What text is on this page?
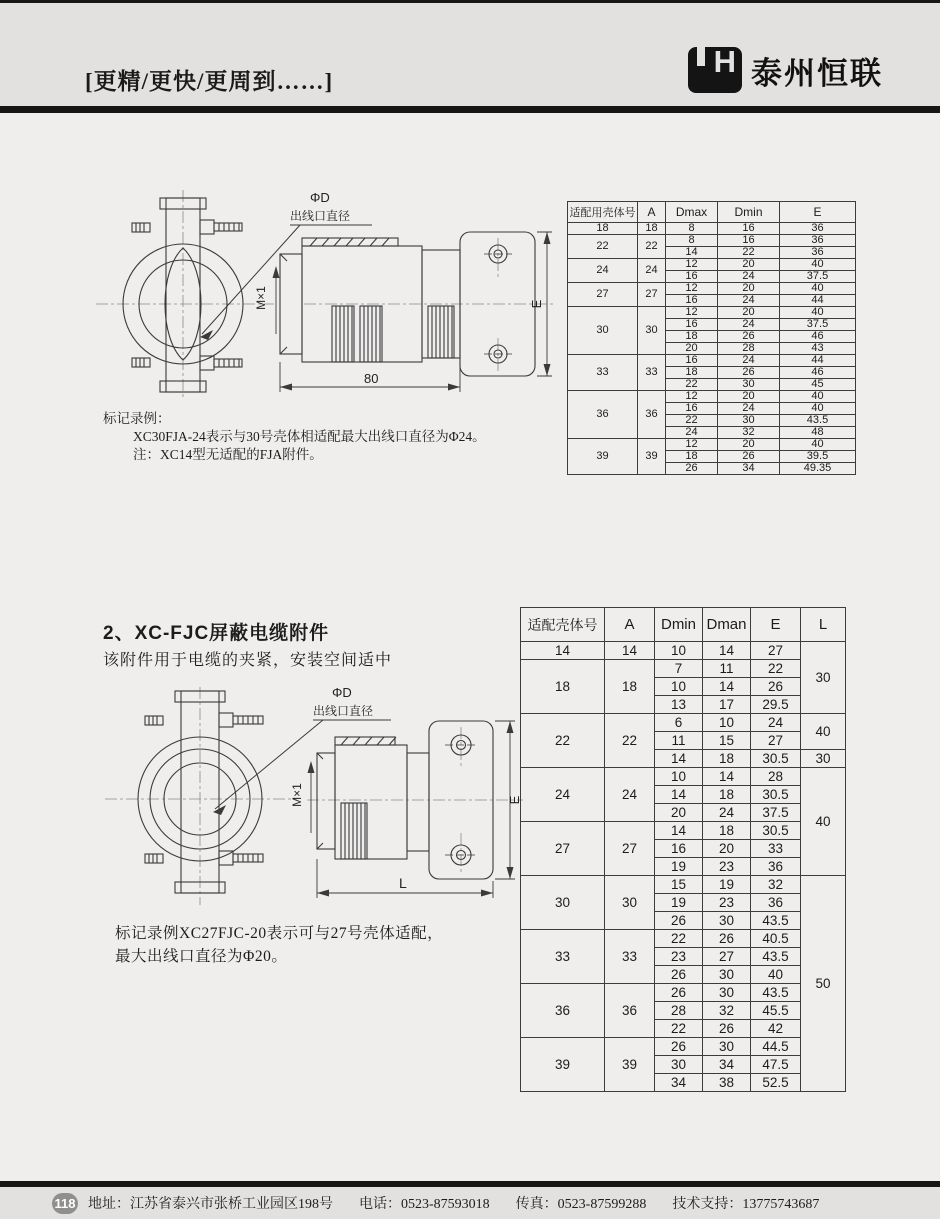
[更精/更快/更周到……]
H 泰州恒联
ΦD
出线口直径
80
E
M×1
适配用壳体号	A	Dmax	Dmin	E
18	18	8	16	36
22	22	8	16	36
		14	22	36
24	24	12	20	40
		16	24	37.5
27	27	12	20	40
		16	24	44
30	30	12	20	40
		16	24	37.5
		18	26	46
		20	28	43
33	33	16	24	44
		18	26	46
		22	30	45
36	36	12	20	40
		16	24	40
		22	30	43.5
		24	32	48
39	39	12	20	40
		18	26	39.5
		26	34	49.35
标记录例：
XC30FJA-24表示与30号壳体相适配最大出线口直径为Φ24。
注：XC14型无适配的FJA附件。
2、XC-FJC屏蔽电缆附件
该附件用于电缆的夹紧，安装空间适中
ΦD
出线口直径
L
E
M×1
适配壳体号	A	Dmin	Dman	E	L
14	14	10	14	27	30
18	18	7	11	22	
		10	14	26	
		13	17	29.5	
22	22	6	10	24	40
		11	15	27	
		14	18	30.5	30
24	24	10	14	28	40
		14	18	30.5	
		20	24	37.5	
27	27	14	18	30.5	
		16	20	33	
		19	23	36	
30	30	15	19	32	50
		19	23	36	
		26	30	43.5	
33	33	22	26	40.5	
		23	27	43.5	
		26	30	40	
36	36	26	30	43.5	
		28	32	45.5	
		22	26	42	
39	39	26	30	44.5	
		30	34	47.5	
		34	38	52.5	
标记录例XC27FJC-20表示可与27号壳体适配，
最大出线口直径为Φ20。
118 地址：江苏省泰兴市张桥工业园区198号 电话：0523-87593018 传真：0523-87599288 技术支持：13775743687
